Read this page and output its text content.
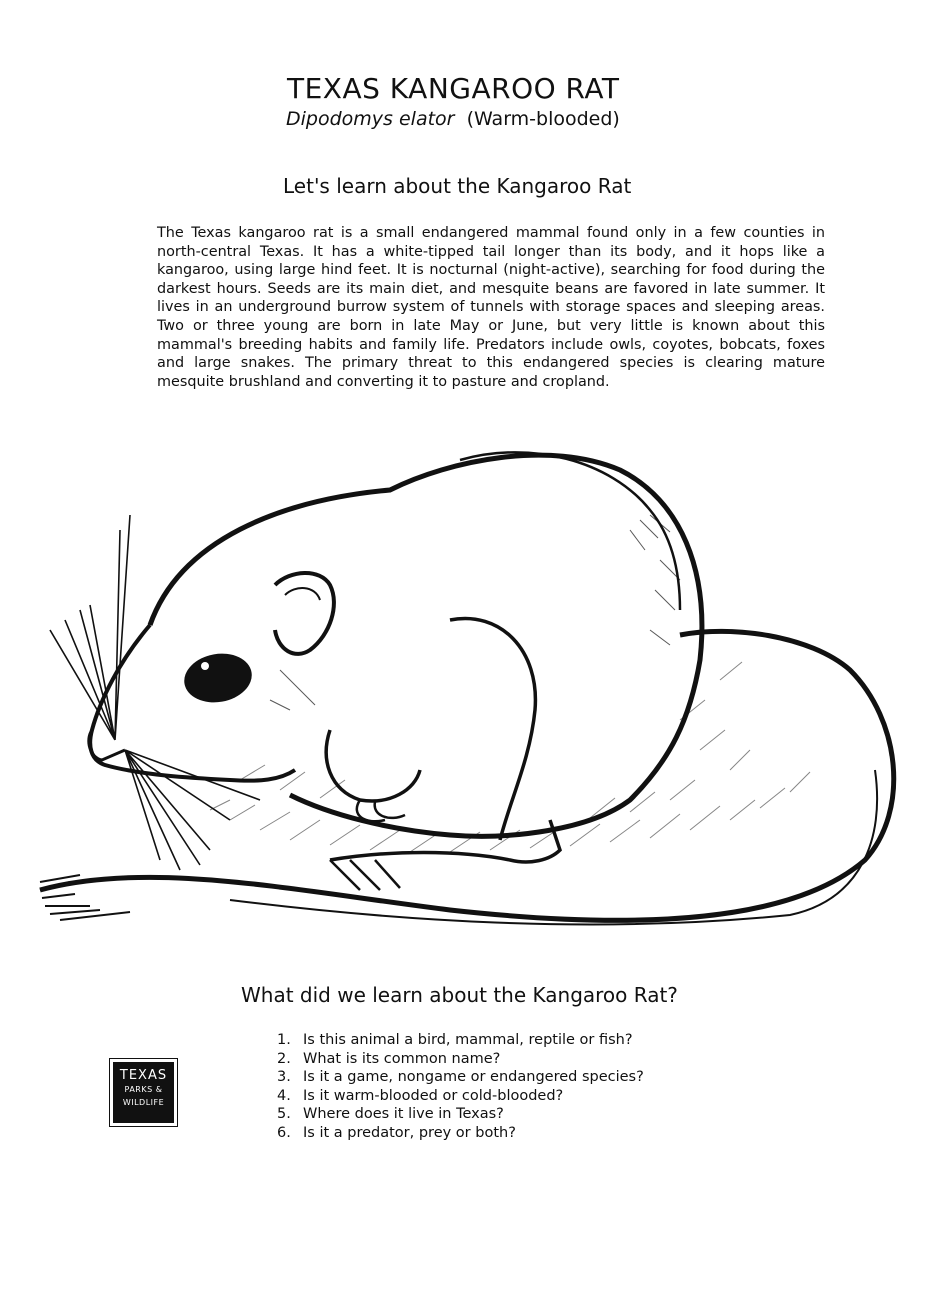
TEXAS KANGAROO RAT

Dipodomys elator (Warm-blooded)

Let's learn about the Kangaroo Rat

The Texas kangaroo rat is a small endangered mammal found only in a few counties in north-central Texas. It has a white-tipped tail longer than its body, and it hops like a kangaroo, using large hind feet. It is nocturnal (night-active), searching for food during the darkest hours. Seeds are its main diet, and mesquite beans are favored in late summer. It lives in an underground burrow system of tunnels with storage spaces and sleeping areas. Two or three young are born in late May or June, but very little is known about this mammal's breeding habits and family life. Predators include owls, coyotes, bobcats, foxes and large snakes. The primary threat to this endangered species is clearing mature mesquite brushland and converting it to pasture and cropland.

What did we learn about the Kangaroo Rat?
1. Is this animal a bird, mammal, reptile or fish?
2. What is its common name?
3. Is it a game, nongame or endangered species?
4. Is it warm-blooded or cold-blooded?
5. Where does it live in Texas?
6. Is it a predator, prey or both?
TEXAS
PARKS &
WILDLIFE
